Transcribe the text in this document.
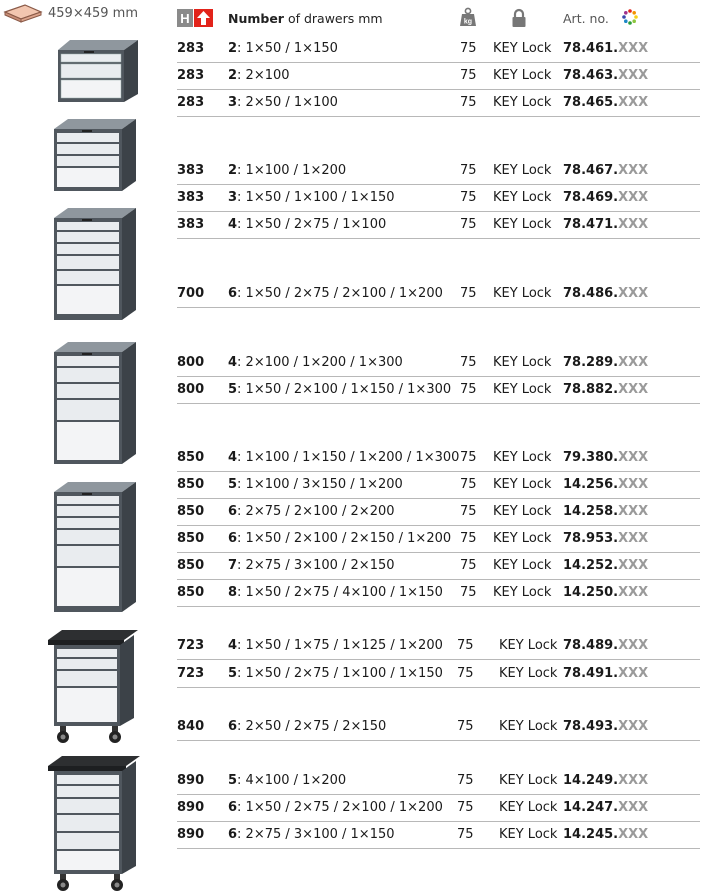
459×459 mm	H	Number of drawers mm	kg	Art. no.
283 2: 1×50 / 1×150	75 KEY Lock 78.461.XXX
283 2: 2×100	75 KEY Lock 78.463.XXX
283 3: 2×50 / 1×100	75 KEY Lock 78.465.XXX
383 2: 1×100 / 1×200	75 KEY Lock 78.467.XXX
383 3: 1×50 / 1×100 / 1×150	75 KEY Lock 78.469.XXX
383 4: 1×50 / 2×75 / 1×100	75 KEY Lock 78.471.XXX
700 6: 1×50 / 2×75 / 2×100 / 1×200 75 KEY Lock 78.486.XXX
800 4: 2×100 / 1×200 / 1×300	75 KEY Lock 78.289.XXX
800 5: 1×50 / 2×100 / 1×150 / 1×300 75 KEY Lock 78.882.XXX
850 4: 1×100 / 1×150 / 1×200 / 1×300 75 KEY Lock 79.380.XXX
850 5: 1×100 / 3×150 / 1×200	75 KEY Lock 14.256.XXX
850 6: 2×75 / 2×100 / 2×200	75 KEY Lock 14.258.XXX
850 6: 1×50 / 2×100 / 2×150 / 1×200 75 KEY Lock 78.953.XXX
850 7: 2×75 / 3×100 / 2×150	75 KEY Lock 14.252.XXX
850 8: 1×50 / 2×75 / 4×100 / 1×150 75 KEY Lock 14.250.XXX
723 4: 1×50 / 1×75 / 1×125 / 1×200 75 KEY Lock 78.489.XXX
723 5: 1×50 / 2×75 / 1×100 / 1×150 75 KEY Lock 78.491.XXX
840 6: 2×50 / 2×75 / 2×150	75 KEY Lock 78.493.XXX
890 5: 4×100 / 1×200	75 KEY Lock 14.249.XXX
890 6: 1×50 / 2×75 / 2×100 / 1×200 75 KEY Lock 14.247.XXX
890 6: 2×75 / 3×100 / 1×150	75 KEY Lock 14.245.XXX
